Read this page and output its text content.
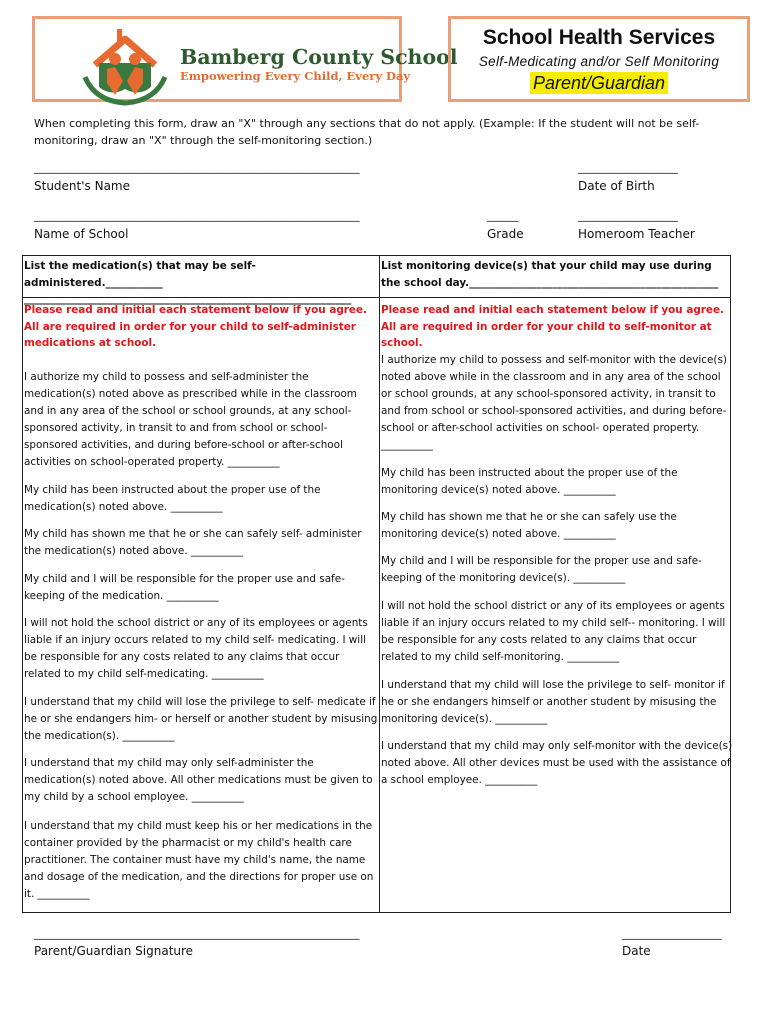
Bamberg County School
Empowering Every Child, Every Day
School Health Services
Self-Medicating and/or Self Monitoring
Parent/Guardian
When completing this form, draw an "X" through any sections that do not apply. (Example: If the student will not be self-monitoring, draw an "X" through the self-monitoring section.)
______________________________________________________________
Student's Name
___________________
Date of Birth
______________________________________________________________
Name of School
______
Grade
___________________
Homeroom Teacher
List the medication(s) that may be self-administered.___________ _______________________________________________________________
List monitoring device(s) that your child may use during the school day.________________________________________________
Please read and initial each statement below if you agree. All are required in order for your child to self-administer medications at school.
Please read and initial each statement below if you agree. All are required in order for your child to self-monitor at school.
I authorize my child to possess and self-administer the medication(s) noted above as prescribed while in the classroom and in any area of the school or school grounds, at any school- sponsored activity, in transit to and from school or school- sponsored activities, and during before-school or after-school activities on school-operated property. __________
My child has been instructed about the proper use of the medication(s) noted above. __________
My child has shown me that he or she can safely self- administer the medication(s) noted above. __________
My child and I will be responsible for the proper use and safe-keeping of the medication. __________
I will not hold the school district or any of its employees or agents liable if an injury occurs related to my child self- medicating. I will be responsible for any costs related to any claims that occur related to my child self-medicating. __________
I understand that my child will lose the privilege to self- medicate if he or she endangers him- or herself or another student by misusing the medication(s). __________
I understand that my child may only self-administer the medication(s) noted above. All other medications must be given to my child by a school employee. __________
I understand that my child must keep his or her medications in the container provided by the pharmacist or my child's health care practitioner. The container must have my child's name, the name and dosage of the medication, and the directions for proper use on it. __________
I authorize my child to possess and self-monitor with the device(s) noted above while in the classroom and in any area of the school or school grounds, at any school-sponsored activity, in transit to and from school or school-sponsored activities, and during before-school or after-school activities on school- operated property. __________
My child has been instructed about the proper use of the monitoring device(s) noted above. __________
My child has shown me that he or she can safely use the monitoring device(s) noted above. __________
My child and I will be responsible for the proper use and safe-keeping of the monitoring device(s). __________
I will not hold the school district or any of its employees or agents liable if an injury occurs related to my child self-- monitoring. I will be responsible for any costs related to any claims that occur related to my child self-monitoring. __________
I understand that my child will lose the privilege to self- monitor if he or she endangers himself or another student by misusing the monitoring device(s). __________
I understand that my child may only self-monitor with the device(s) noted above. All other devices must be used with the assistance of a school employee. __________
______________________________________________________________
Parent/Guardian Signature
___________________
Date
